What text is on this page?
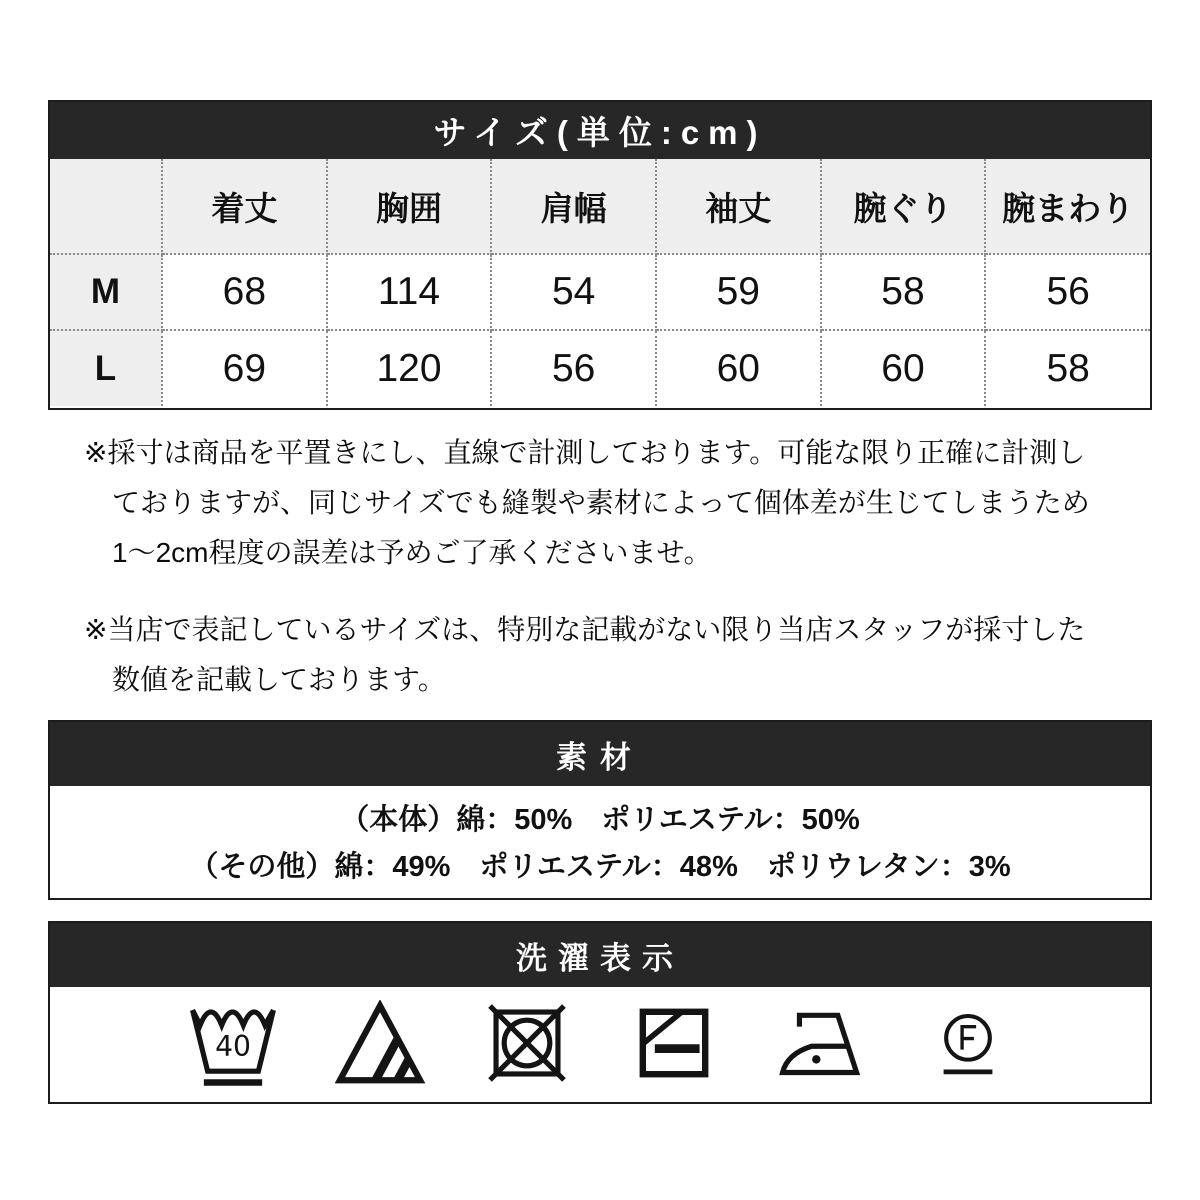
サイズ(単位:cm)
	着丈	胸囲	肩幅	袖丈	腕ぐり	腕まわり
M	68	114	54	59	58	56
L	69	120	56	60	60	58
※採寸は商品を平置きにし、直線で計測しております。可能な限り正確に計測し
ておりますが、同じサイズでも縫製や素材によって個体差が生じてしまうため
1～2cm程度の誤差は予めご了承くださいませ。
※当店で表記しているサイズは、特別な記載がない限り当店スタッフが採寸した
数値を記載しております。
素材
（本体）綿：50%　ポリエステル：50%
（その他）綿：49%　ポリエステル：48%　ポリウレタン：3%
洗濯表示
40
